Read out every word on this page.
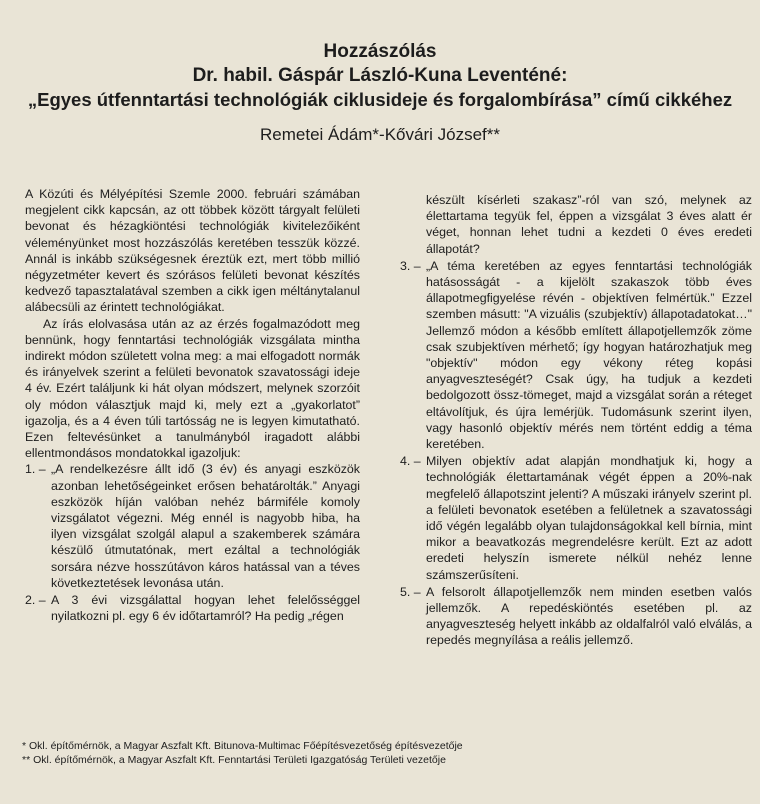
Hozzászólás

Dr. habil. Gáspár László-Kuna Leventéné:

„Egyes útfenntartási technológiák ciklusideje és forgalombírása” című cikkéhez

Remetei Ádám*-Kővári József**

A Közúti és Mélyépítési Szemle 2000. februári számában megjelent cikk kapcsán, az ott többek között tárgyalt felületi bevonat és hézagkiöntési technológiák kivitelezőiként véleményünket most hozzászólás keretében tesszük közzé. Annál is inkább szükségesnek éreztük ezt, mert több millió négyzetméter kevert és szórásos felületi bevonat készítés kedvező tapasztalatával szemben a cikk igen méltánytalanul alábecsüli az érintett technológiákat.

Az írás elolvasása után az az érzés fogalmazódott meg bennünk, hogy fenntartási technológiák vizsgálata mintha indirekt módon született volna meg: a mai elfogadott normák és irányelvek szerint a felületi bevonatok szavatossági ideje 4 év. Ezért találjunk ki hát olyan módszert, melynek szorzóit oly módon választjuk majd ki, mely ezt a „gyakorlatot” igazolja, és a 4 éven túli tartósság ne is legyen kimutatható. Ezen feltevésünket a tanulmányból iragadott alábbi ellentmondásos mondatokkal igazoljuk:

1. – „A rendelkezésre állt idő (3 év) és anyagi eszközök azonban lehetőségeinket erősen behatárolták.” Anyagi eszközök híján valóban nehéz bármiféle komoly vizsgálatot végezni. Még ennél is nagyobb hiba, ha ilyen vizsgálat szolgál alapul a szakemberek számára készülő útmutatónak, mert ezáltal a technológiák sorsára nézve hosszútávon káros hatással van a téves következtetések levonása után.
2. – A 3 évi vizsgálattal hogyan lehet felelősséggel nyilatkozni pl. egy 6 év időtartamról? Ha pedig „régen
készült kísérleti szakasz”-ról van szó, melynek az élettartama tegyük fel, éppen a vizsgálat 3 éves alatt ér véget, honnan lehet tudni a kezdeti 0 éves eredeti állapotát?
3. – „A téma keretében az egyes fenntartási technológiák hatásosságát - a kijelölt szakaszok több éves állapotmegfigyelése révén - objektíven felmértük.” Ezzel szemben másutt: "A vizuális (szubjektív) állapotadatokat…" Jellemző módon a később említett állapotjellemzők zöme csak szubjektíven mérhető; így hogyan határozhatjuk meg "objektív" módon egy vékony réteg kopási anyagveszteségét? Csak úgy, ha tudjuk a kezdeti bedolgozott össz-tömeget, majd a vizsgálat során a réteget eltávolítjuk, és újra lemérjük. Tudomásunk szerint ilyen, vagy hasonló objektív mérés nem történt eddig a téma keretében.
4. – Milyen objektív adat alapján mondhatjuk ki, hogy a technológiák élettartamának végét éppen a 20%-nak megfelelő állapotszint jelenti? A műszaki irányelv szerint pl. a felületi bevonatok esetében a felületnek a szavatossági idő végén legalább olyan tulajdonságokkal kell bírnia, mint mikor a beavatkozás megrendelésre került. Ezt az adott eredeti helyszín ismerete nélkül nehéz lenne számszerűsíteni.
5. – A felsorolt állapotjellemzők nem minden esetben valós jellemzők. A repedéskiöntés esetében pl. az anyagveszteség helyett inkább az oldalfalról való elválás, a repedés megnyílása a reális jellemző.

* Okl. építőmérnök, a Magyar Aszfalt Kft. Bitunova-Multimac Főépítésvezetőség építésvezetője

** Okl. építőmérnök, a Magyar Aszfalt Kft. Fenntartási Területi Igazgatóság Területi vezetője
